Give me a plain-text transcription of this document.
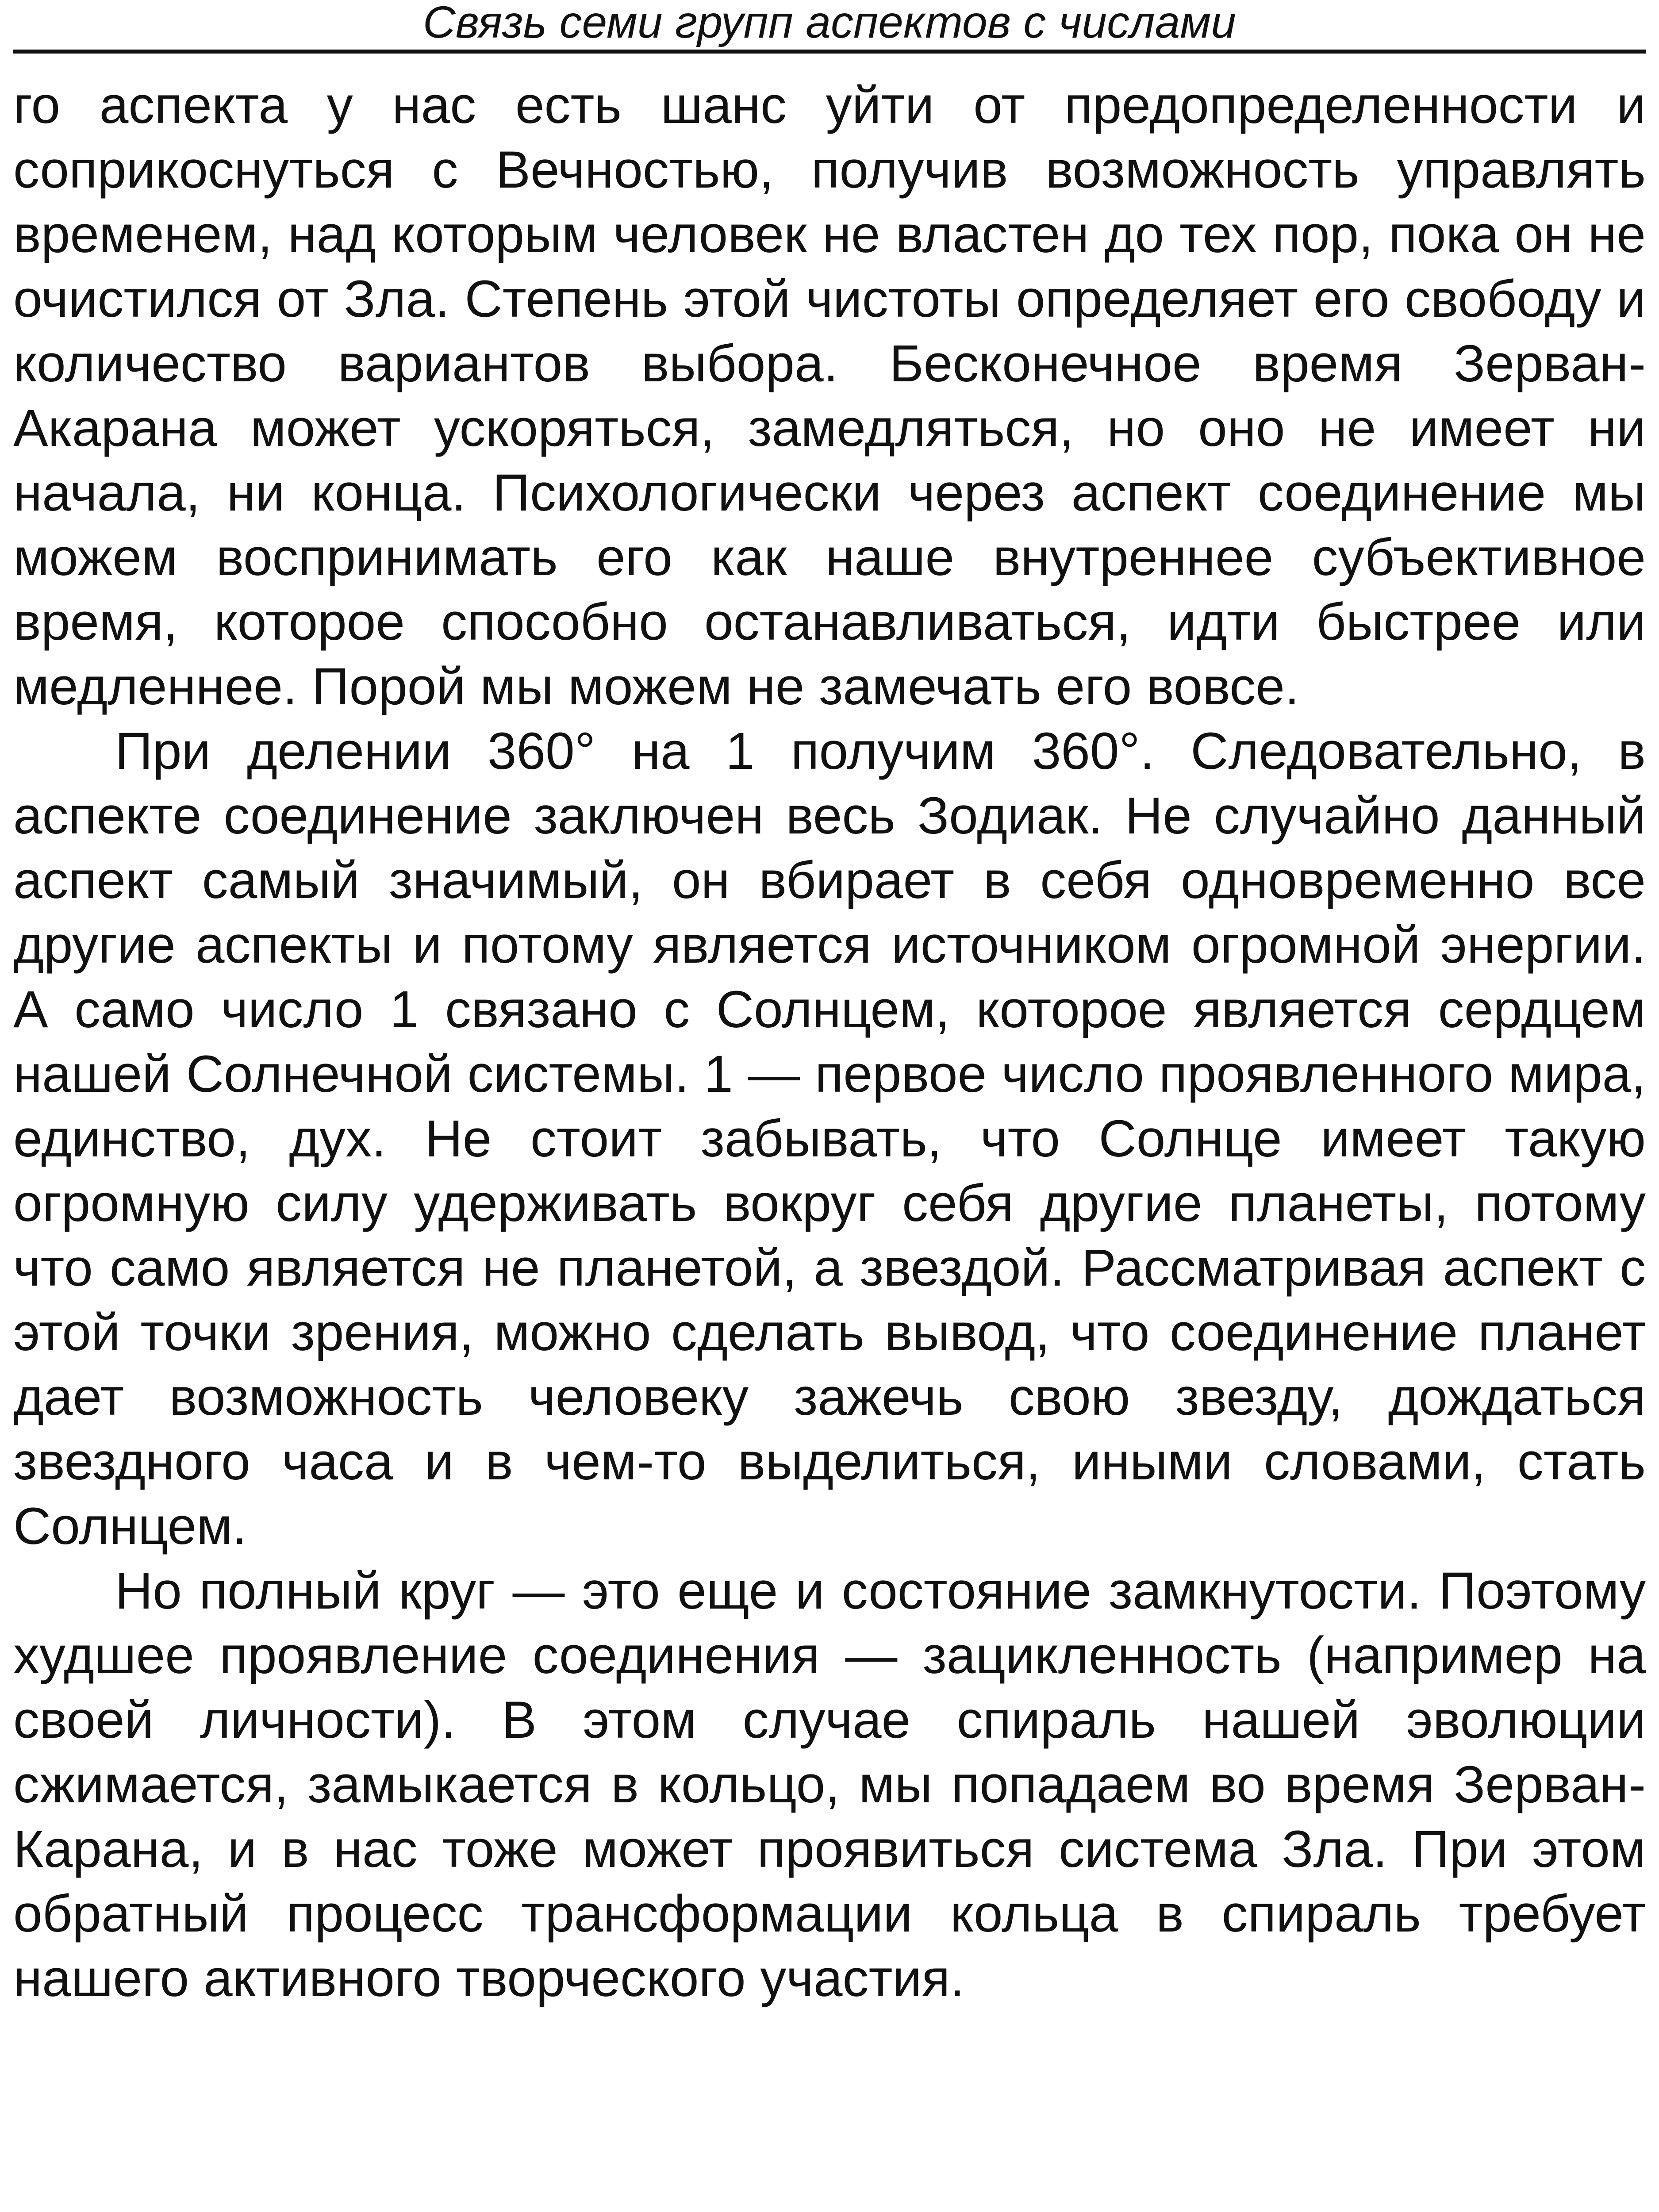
Связь семи групп аспектов с числами

го аспекта у нас есть шанс уйти от предопределенности и соприкоснуться с Вечностью, получив возможность управлять временем, над которым человек не властен до тех пор, пока он не очистился от Зла. Степень этой чистоты определяет его свободу и количество вариантов выбора. Бесконечное время Зерван-Акарана может ускоряться, замедляться, но оно не имеет ни начала, ни конца. Психологически через аспект соединение мы можем воспринимать его как наше внутреннее субъективное время, которое способно останавливаться, идти быстрее или медленнее. Порой мы можем не замечать его вовсе.

При делении 360° на 1 получим 360°. Следовательно, в аспекте соединение заключен весь Зодиак. Не случайно данный аспект самый значимый, он вбирает в себя одновременно все другие аспекты и потому является источником огромной энергии. А само число 1 связано с Солнцем, которое является сердцем нашей Солнечной системы. 1 — первое число проявленного мира, единство, дух. Не стоит забывать, что Солнце имеет такую огромную силу удерживать вокруг себя другие планеты, потому что само является не планетой, а звездой. Рассматривая аспект с этой точки зрения, можно сделать вывод, что соединение планет дает возможность человеку зажечь свою звезду, дождаться звездного часа и в чем-то выделиться, иными словами, стать Солнцем.

Но полный круг — это еще и состояние замкнутости. Поэтому худшее проявление соединения — зацикленность (например на своей личности). В этом случае спираль нашей эволюции сжимается, замыкается в кольцо, мы попадаем во время Зерван-Карана, и в нас тоже может проявиться система Зла. При этом обратный процесс трансформации кольца в спираль требует нашего активного творческого участия.
